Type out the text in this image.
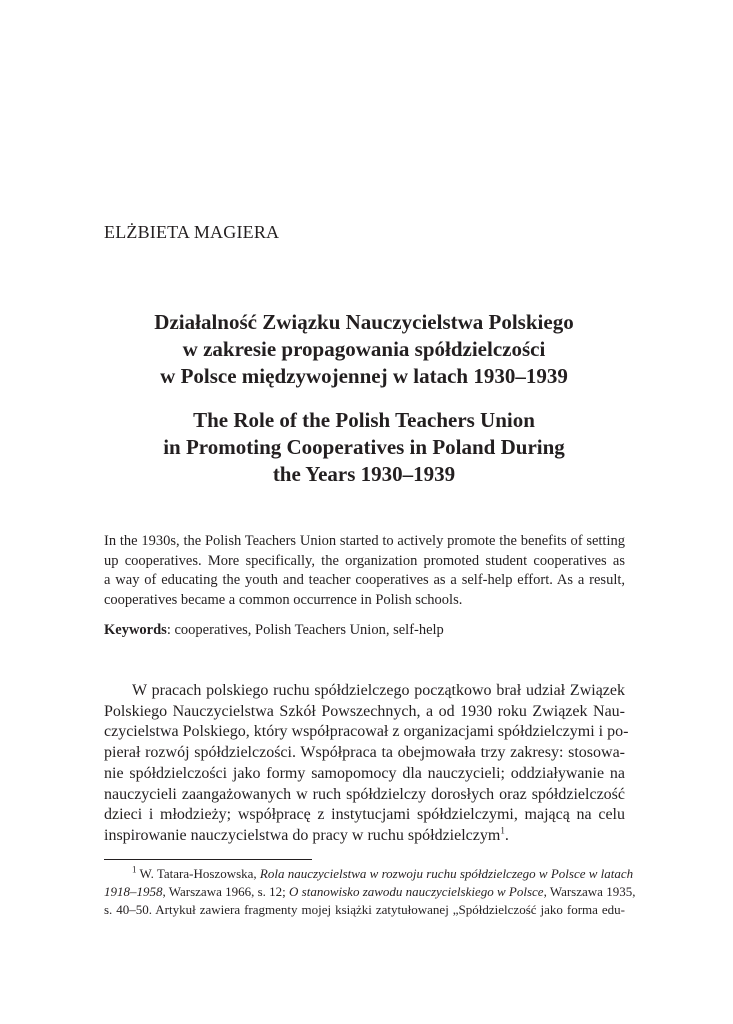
ELŻBIETA MAGIERA
Działalność Związku Nauczycielstwa Polskiego
w zakresie propagowania spółdzielczości
w Polsce międzywojennej w latach 1930–1939
The Role of the Polish Teachers Union
in Promoting Cooperatives in Poland During
the Years 1930–1939
In the 1930s, the Polish Teachers Union started to actively promote the benefits of setting
up cooperatives. More specifically, the organization promoted student cooperatives as
a way of educating the youth and teacher cooperatives as a self-help effort. As a result,
cooperatives became a common occurrence in Polish schools.
Keywords: cooperatives, Polish Teachers Union, self-help
W pracach polskiego ruchu spółdzielczego początkowo brał udział Związek
Polskiego Nauczycielstwa Szkół Powszechnych, a od 1930 roku Związek Nau-
czycielstwa Polskiego, który współpracował z organizacjami spółdzielczymi i po-
pierał rozwój spółdzielczości. Współpraca ta obejmowała trzy zakresy: stosowa-
nie spółdzielczości jako formy samopomocy dla nauczycieli; oddziaływanie na
nauczycieli zaangażowanych w ruch spółdzielczy dorosłych oraz spółdzielczość
dzieci i młodzieży; współpracę z instytucjami spółdzielczymi, mającą na celu
inspirowanie nauczycielstwa do pracy w ruchu spółdzielczym$^1$.
$^1$ W. Tatara-Hoszowska, Rola nauczycielstwa w rozwoju ruchu spółdzielczego w Polsce w latach
1918–1958, Warszawa 1966, s. 12; O stanowisko zawodu nauczycielskiego w Polsce, Warszawa 1935,
s. 40–50. Artykuł zawiera fragmenty mojej książki zatytułowanej „Spółdzielczość jako forma edu-
